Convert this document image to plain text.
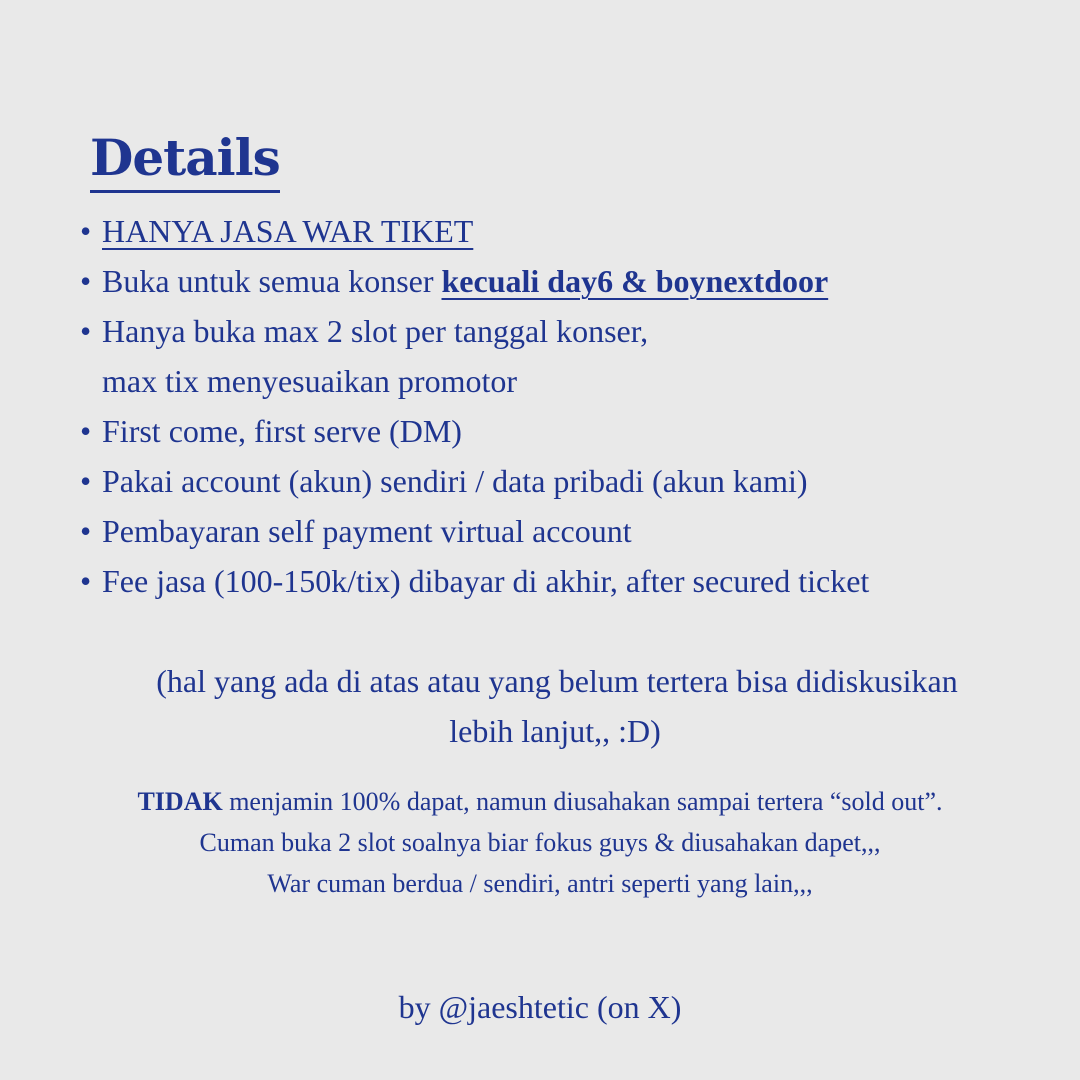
Details
• HANYA JASA WAR TIKET
• Buka untuk semua konser kecuali day6 & boynextdoor
• Hanya buka max 2 slot per tanggal konser,
max tix menyesuaikan promotor
• First come, first serve (DM)
• Pakai account (akun) sendiri / data pribadi (akun kami)
• Pembayaran self payment virtual account
• Fee jasa (100-150k/tix) dibayar di akhir, after secured ticket

(hal yang ada di atas atau yang belum tertera bisa didiskusikan
lebih lanjut,, :D)

TIDAK menjamin 100% dapat, namun diusahakan sampai tertera “sold out”.
Cuman buka 2 slot soalnya biar fokus guys & diusahakan dapet,,,
War cuman berdua / sendiri, antri seperti yang lain,,,

by @jaeshtetic (on X)
